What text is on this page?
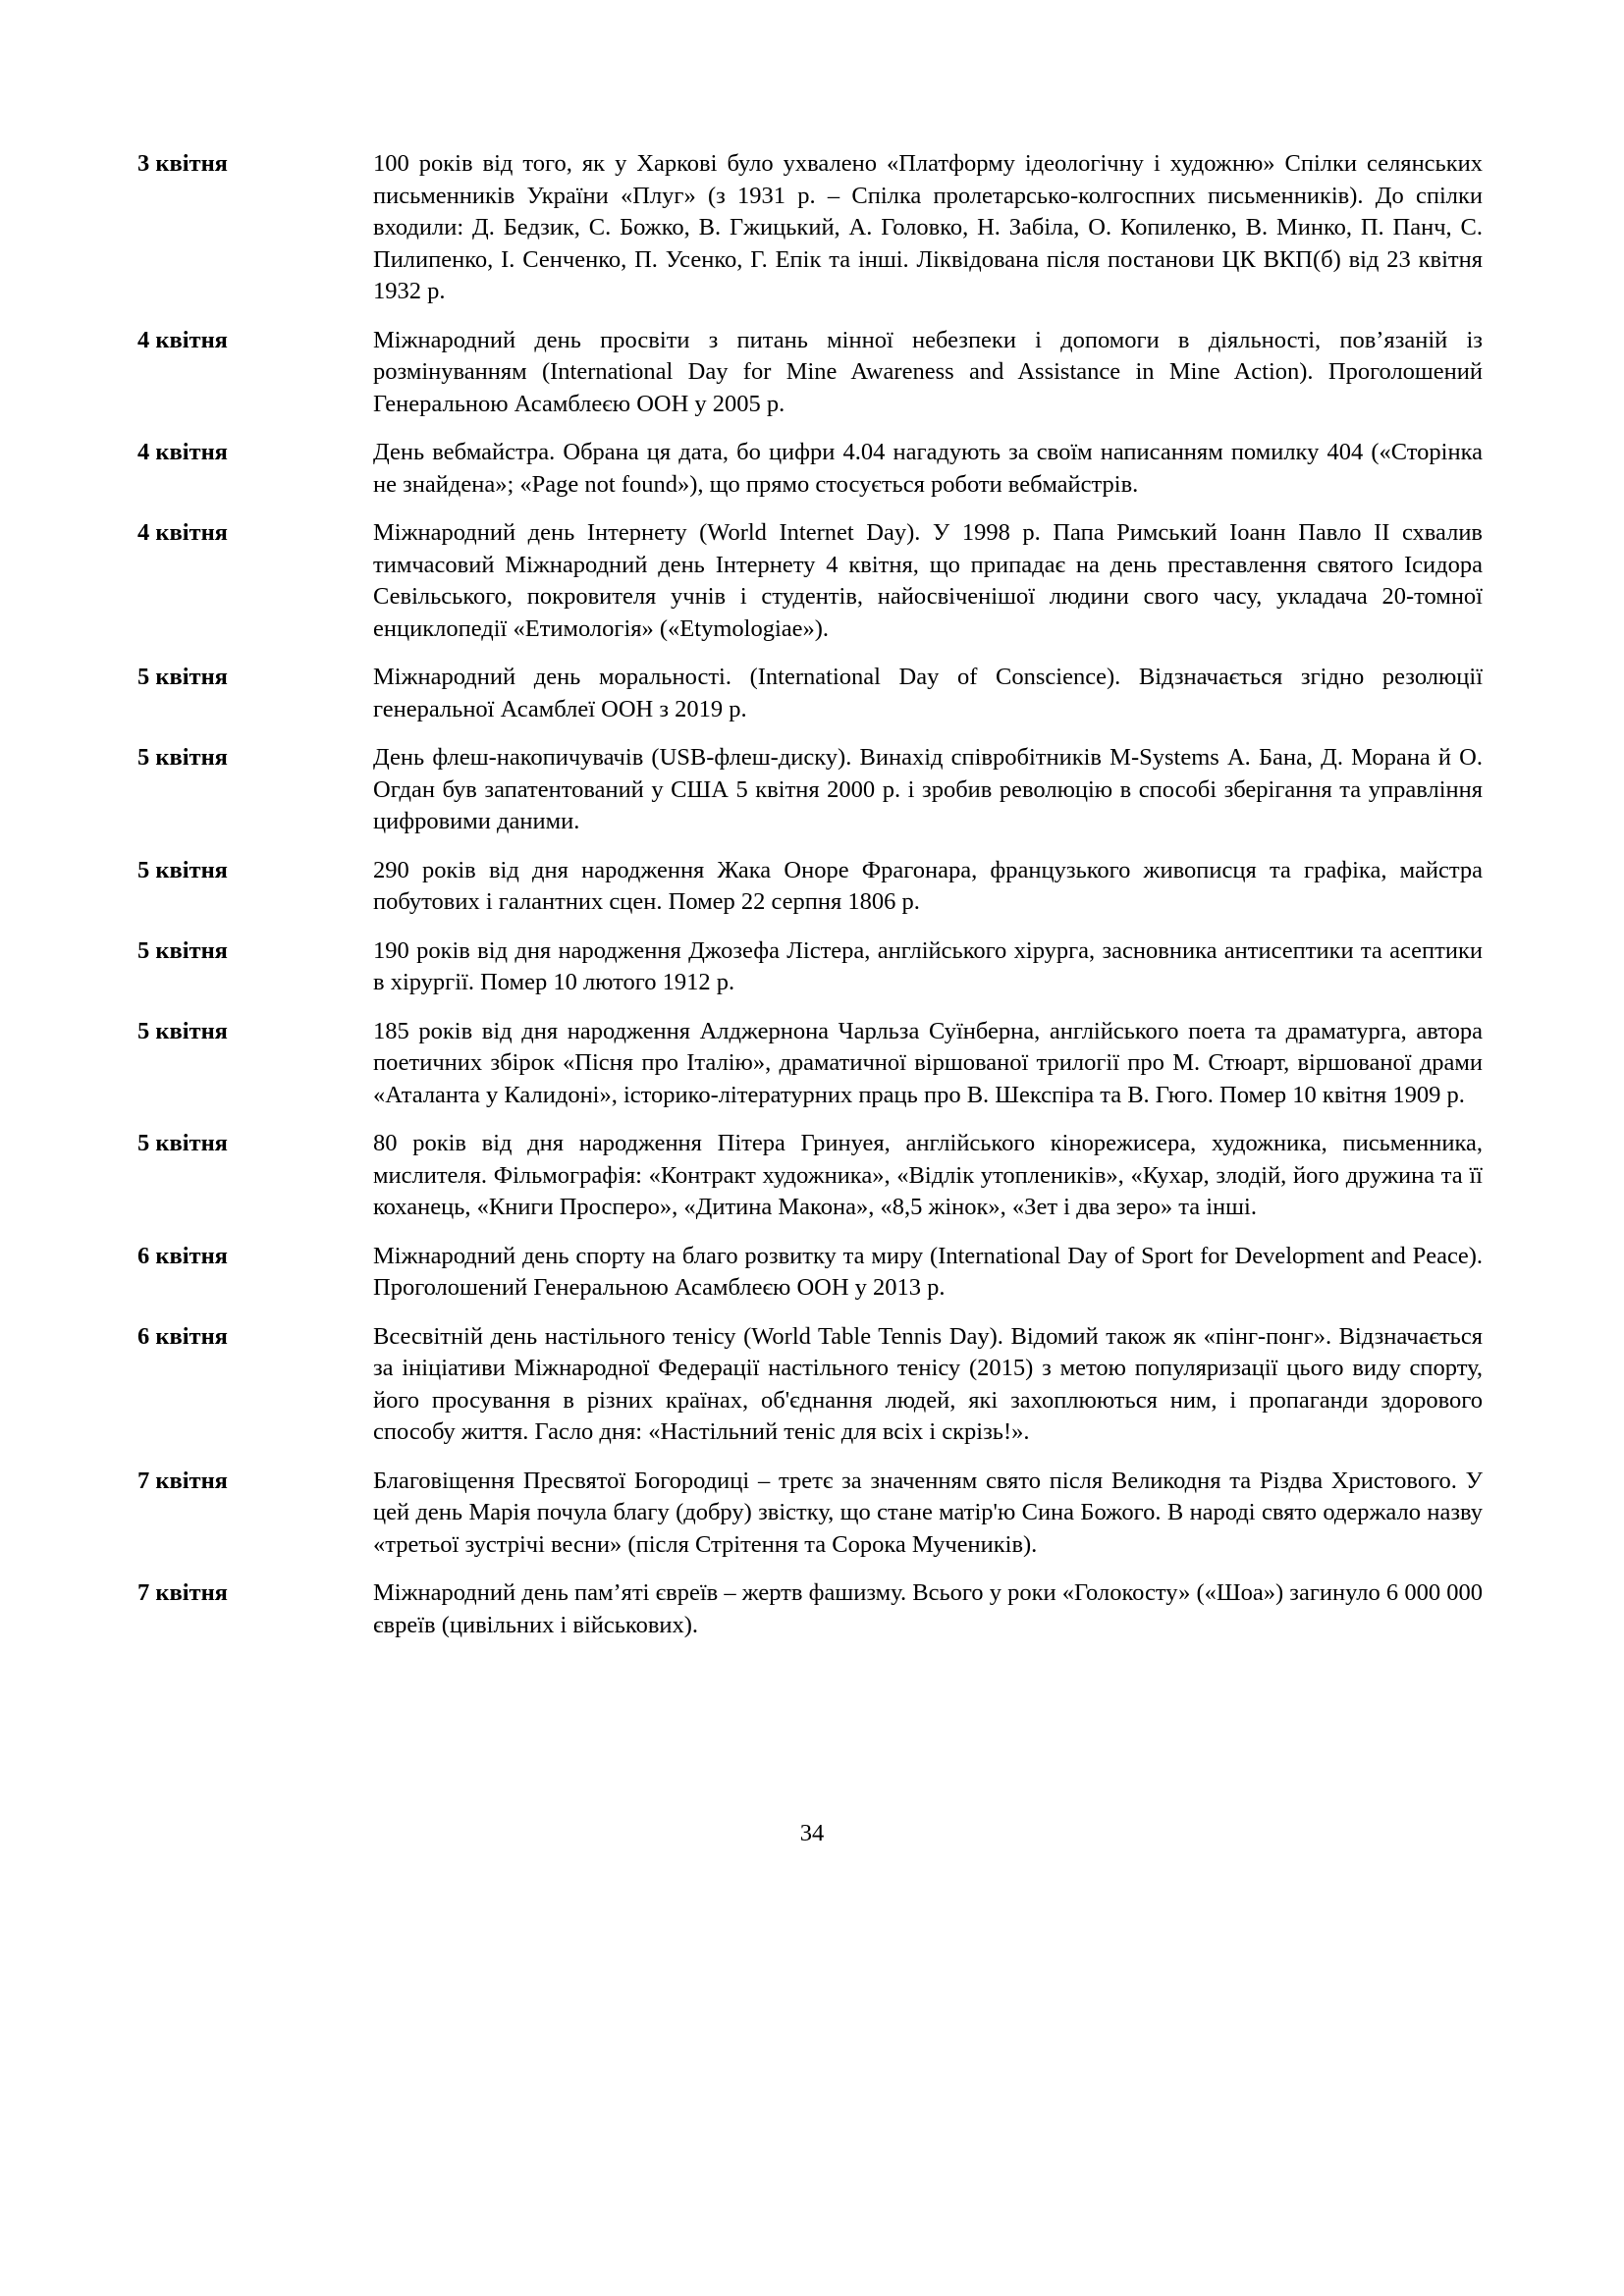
3 квітня	100 років від того, як у Харкові було ухвалено «Платформу ідеологічну і художню» Спілки селянських письменників України «Плуг» (з 1931 р. – Спілка пролетарсько-колгоспних письменників). До спілки входили: Д. Бедзик, С. Божко, В. Гжицький, А. Головко, Н. Забіла, О. Копиленко, В. Минко, П. Панч, С. Пилипенко, І. Сенченко, П. Усенко, Г. Епік та інші. Ліквідована після постанови ЦК ВКП(б) від 23 квітня 1932 р.
4 квітня	Міжнародний день просвіти з питань мінної небезпеки і допомоги в діяльності, пов’язаній із розмінуванням (International Day for Mine Awareness and Assistance in Mine Action). Проголошений Генеральною Асамблеєю ООН у 2005 р.
4 квітня	День вебмайстра. Обрана ця дата, бо цифри 4.04 нагадують за своїм написанням помилку 404 («Сторінка не знайдена»; «Page not found»), що прямо стосується роботи вебмайстрів.
4 квітня	Міжнародний день Інтернету (World Internet Day). У 1998 р. Папа Римський Іоанн Павло ІІ схвалив тимчасовий Міжнародний день Інтернету 4 квітня, що припадає на день преставлення святого Ісидора Севільського, покровителя учнів і студентів, найосвіченішої людини свого часу, укладача 20-томної енциклопедії «Етимологія» («Etymologiae»).
5 квітня	Міжнародний день моральності. (International Day of Conscience). Відзначається згідно резолюції генеральної Асамблеї ООН з 2019 р.
5 квітня	День флеш-накопичувачів (USB-флеш-диску). Винахід співробітників M-Systems А. Бана, Д. Морана й О. Огдан був запатентований у США 5 квітня 2000 р. і зробив революцію в способі зберігання та управління цифровими даними.
5 квітня	290 років від дня народження Жака Оноре Фрагонара, французького живописця та графіка, майстра побутових і галантних сцен. Помер 22 серпня 1806 р.
5 квітня	190 років від дня народження Джозефа Лістера, англійського хірурга, засновника антисептики та асептики в хірургії. Помер 10 лютого 1912 р.
5 квітня	185 років від дня народження Алджернона Чарльза Суїнберна, англійського поета та драматурга, автора поетичних збірок «Пісня про Італію», драматичної віршованої трилогії про М. Стюарт, віршованої драми «Аталанта у Калидоні», історико-літературних праць про В. Шекспіра та В. Гюго. Помер 10 квітня 1909 р.
5 квітня	80 років від дня народження Пітера Гринуея, англійського кінорежисера, художника, письменника, мислителя. Фільмографія: «Контракт художника», «Відлік утоплеників», «Кухар, злодій, його дружина та її коханець, «Книги Просперо», «Дитина Макона», «8,5 жінок», «Зет і два зеро» та інші.
6 квітня	Міжнародний день спорту на благо розвитку та миру (International Day of Sport for Development and Peace). Проголошений Генеральною Асамблеєю ООН у 2013 р.
6 квітня	Всесвітній день настільного тенісу (World Table Tennis Day). Відомий також як «пінг-понг». Відзначається за ініціативи Міжнародної Федерації настільного тенісу (2015) з метою популяризації цього виду спорту, його просування в різних країнах, об'єднання людей, які захоплюються ним, і пропаганди здорового способу життя. Гасло дня: «Настільний теніс для всіх і скрізь!».
7 квітня	Благовіщення Пресвятої Богородиці – третє за значенням свято після Великодня та Різдва Христового. У цей день Марія почула благу (добру) звістку, що стане матір'ю Сина Божого. В народі свято одержало назву «третьої зустрічі весни» (після Стрітення та Сорока Мучеників).
7 квітня	Міжнародний день пам’яті євреїв – жертв фашизму. Всього у роки «Голокосту» («Шоа») загинуло 6 000 000 євреїв (цивільних і військових).
34
